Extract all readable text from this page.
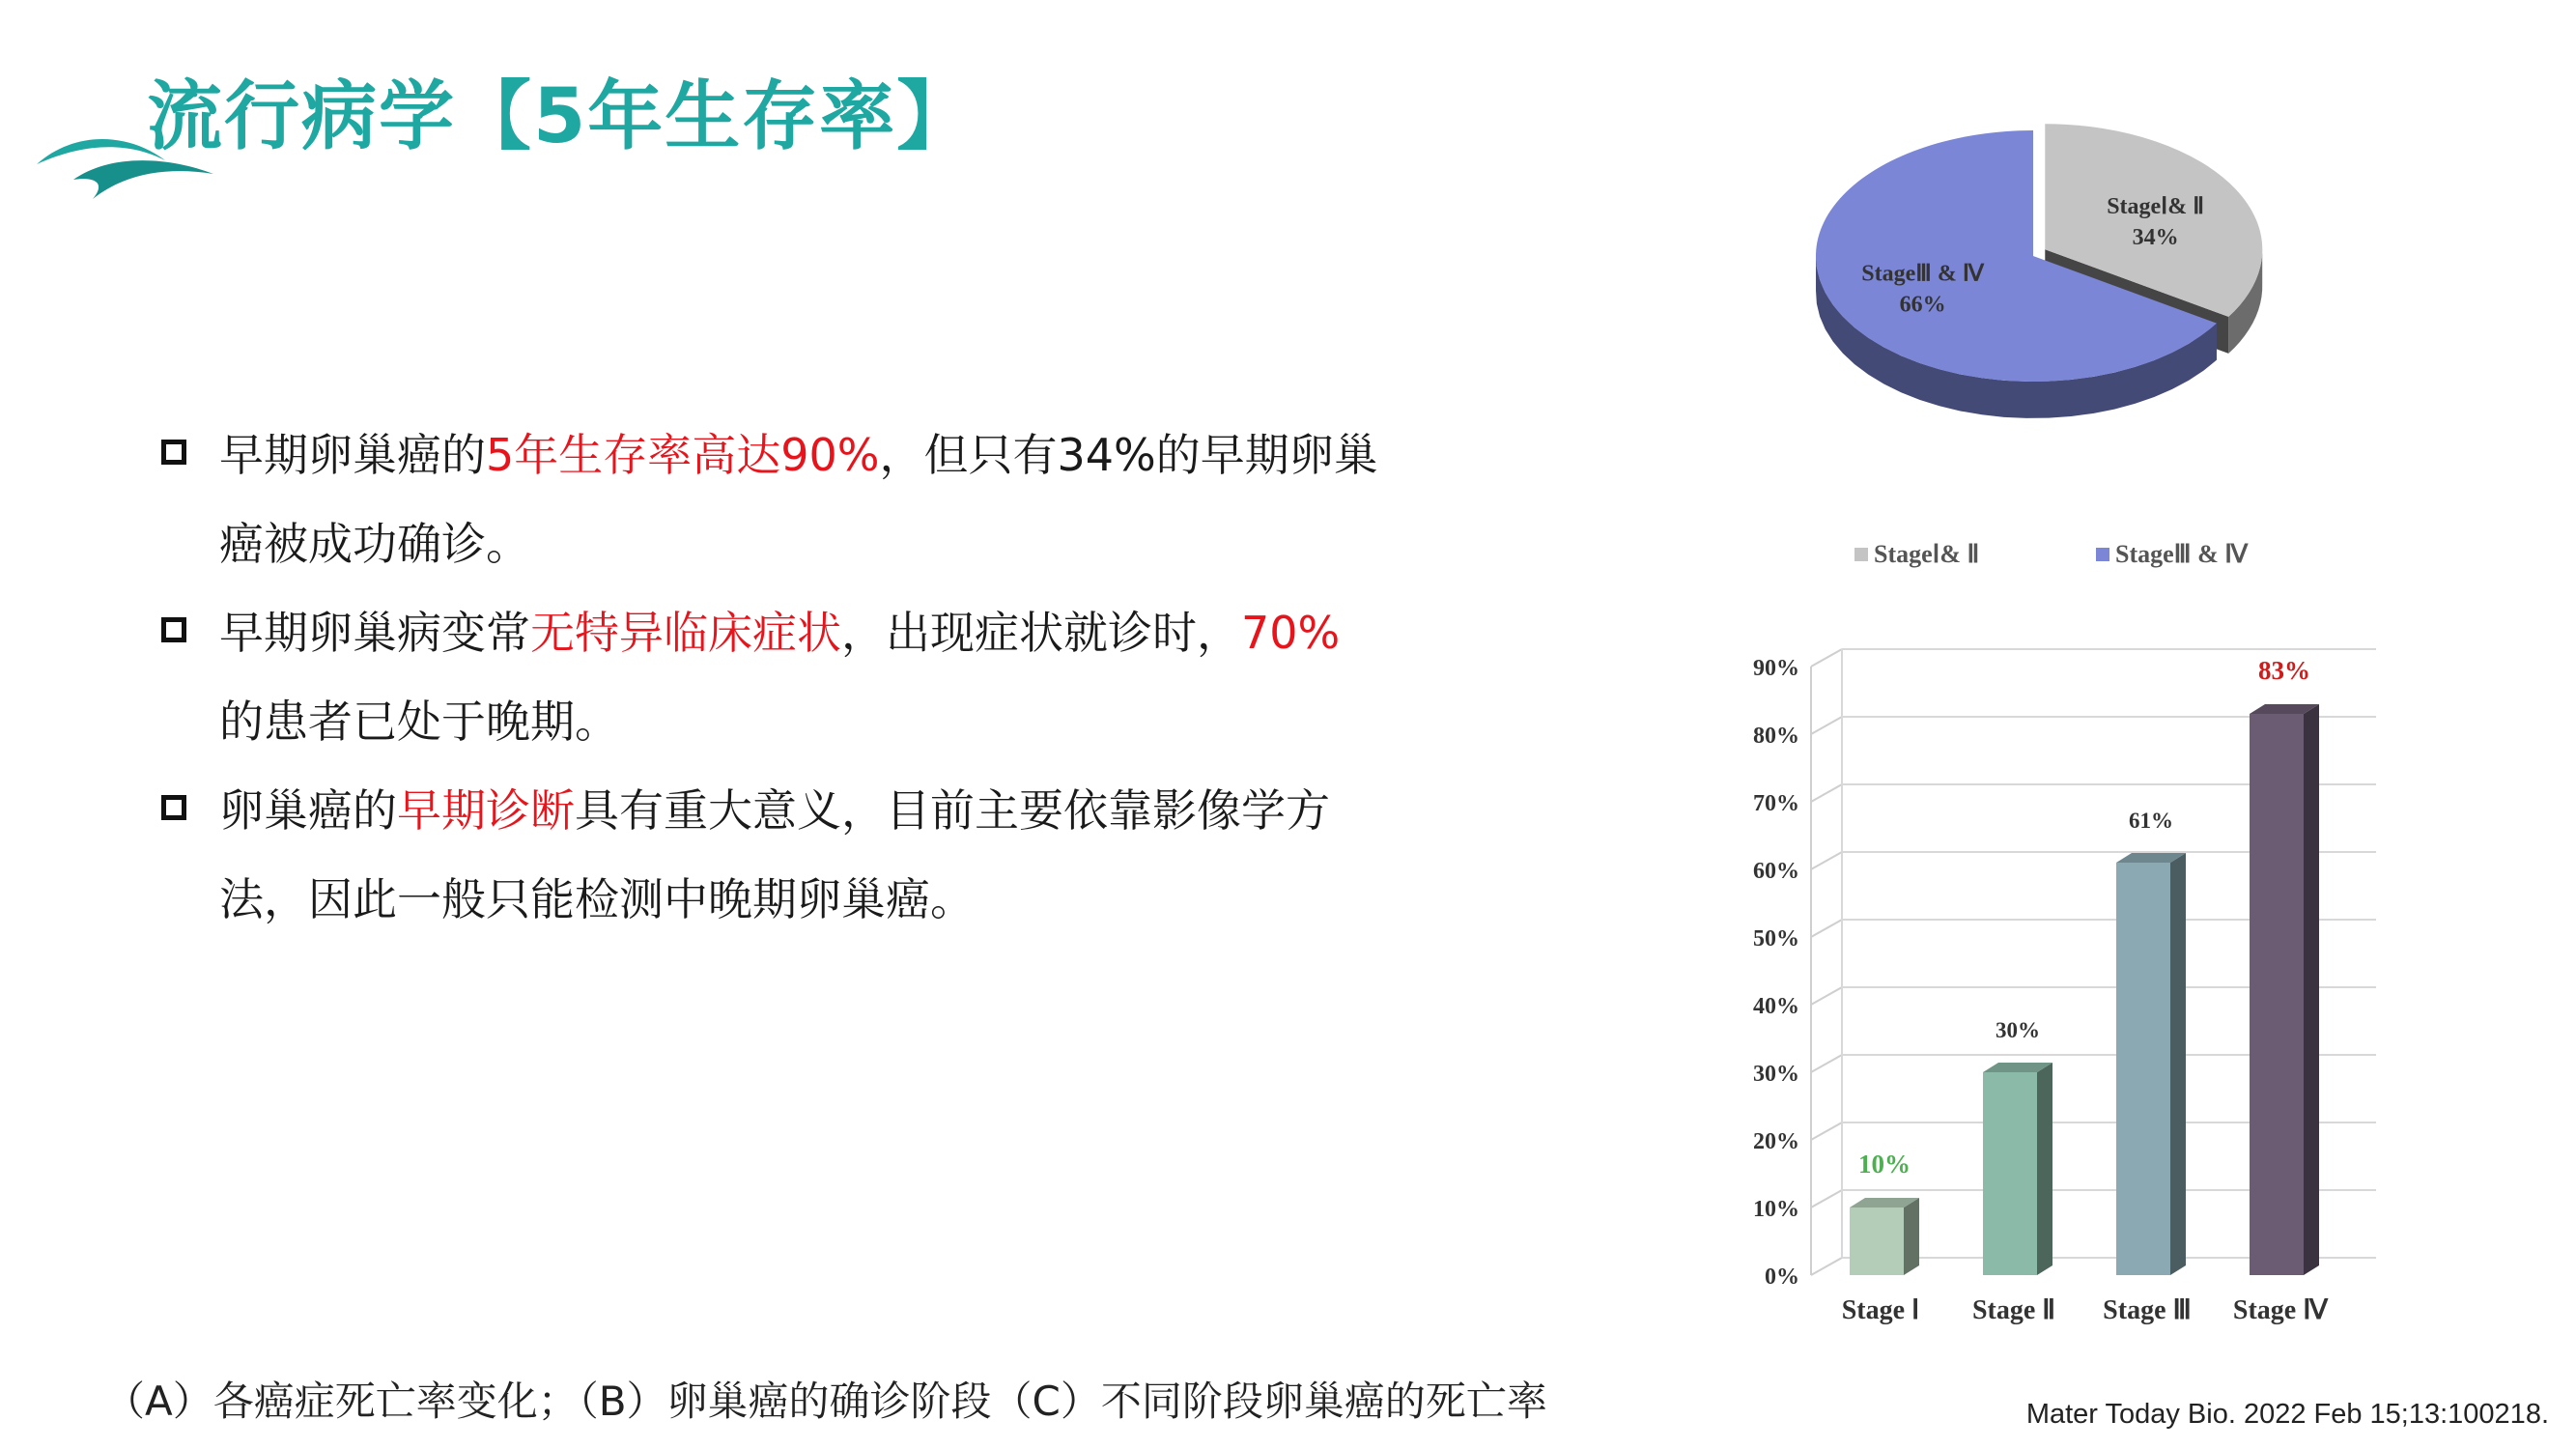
流行病学【5年生存率】
早期卵巢癌的5年生存率高达90%，但只有34%的早期卵巢
癌被成功确诊。
早期卵巢病变常无特异临床症状，出现症状就诊时，70%
的患者已处于晚期。
卵巢癌的早期诊断具有重大意义，目前主要依靠影像学方
法，因此一般只能检测中晚期卵巢癌。
StageⅠ& Ⅱ
34%
StageⅢ & Ⅳ
66%
StageⅠ& Ⅱ	StageⅢ & Ⅳ
0%
10%
20%
30%
40%
50%
60%
70%
80%
90%
10%
Stage Ⅰ
30%
Stage Ⅱ
61%
Stage Ⅲ
83%
Stage Ⅳ
（A）各癌症死亡率变化；（B）卵巢癌的确诊阶段（C）不同阶段卵巢癌的死亡率	Mater Today Bio. 2022 Feb 15;13:100218.
